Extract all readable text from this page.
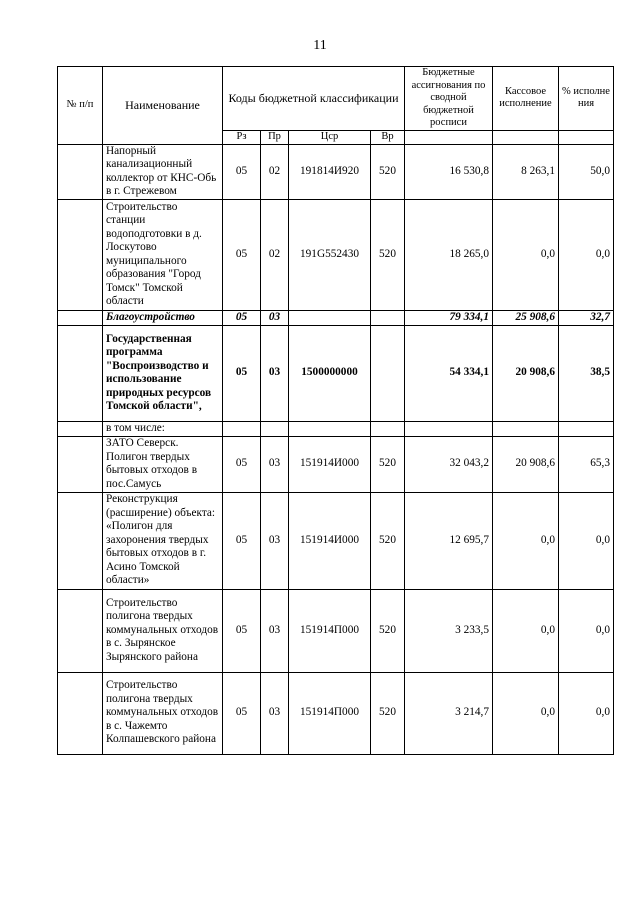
11
№ п/п	Наименование	Коды бюджетной классификации				Бюджетные ассигнования по сводной бюджетной росписи	Кассовое исполнение	% исполне ния
		Рз	Пр	Цср	Вр			
	Напорный канализационный коллектор от КНС-Обь в г. Стрежевом	05	02	191814И920	520	16 530,8	8 263,1	50,0
	Строительство станции водоподготовки в д. Лоскутово муниципального образования "Город Томск" Томской области	05	02	191G552430	520	18 265,0	0,0	0,0
	Благоустройство	05	03			79 334,1	25 908,6	32,7
	Государственная программа "Воспроизводство и использование природных ресурсов Томской области",	05	03	1500000000		54 334,1	20 908,6	38,5
	в том числе:							
	ЗАТО Северск. Полигон твердых бытовых отходов в пос.Самусь	05	03	151914И000	520	32 043,2	20 908,6	65,3
	Реконструкция (расширение) объекта: «Полигон для захоронения твердых бытовых отходов в г. Асино Томской области»	05	03	151914И000	520	12 695,7	0,0	0,0
	Строительство полигона твердых коммунальных отходов в с. Зырянское Зырянского района	05	03	151914П000	520	3 233,5	0,0	0,0
	Строительство полигона твердых коммунальных отходов в с. Чажемто Колпашевского района	05	03	151914П000	520	3 214,7	0,0	0,0
